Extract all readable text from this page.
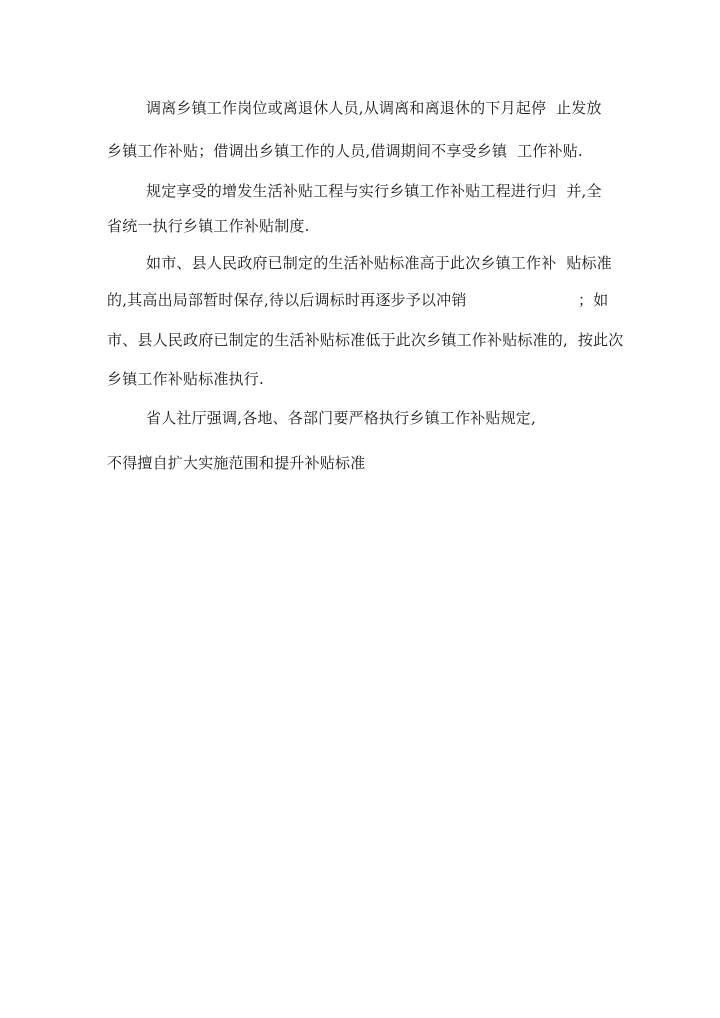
调离乡镇工作岗位或离退休人员,从调离和离退休的下月起停  止发放
乡镇工作补贴；借调出乡镇工作的人员,借调期间不享受乡镇  工作补贴.
规定享受的增发生活补贴工程与实行乡镇工作补贴工程进行归  并,全
省统一执行乡镇工作补贴制度.
如市、县人民政府已制定的生活补贴标准高于此次乡镇工作补  贴标准
的,其高出局部暂时保存,待以后调标时再逐步予以冲销	；如
市、县人民政府已制定的生活补贴标准低于此次乡镇工作补贴标准的,  按此次
乡镇工作补贴标准执行.
省人社厅强调,各地、各部门要严格执行乡镇工作补贴规定,
不得擅自扩大实施范围和提升补贴标准
